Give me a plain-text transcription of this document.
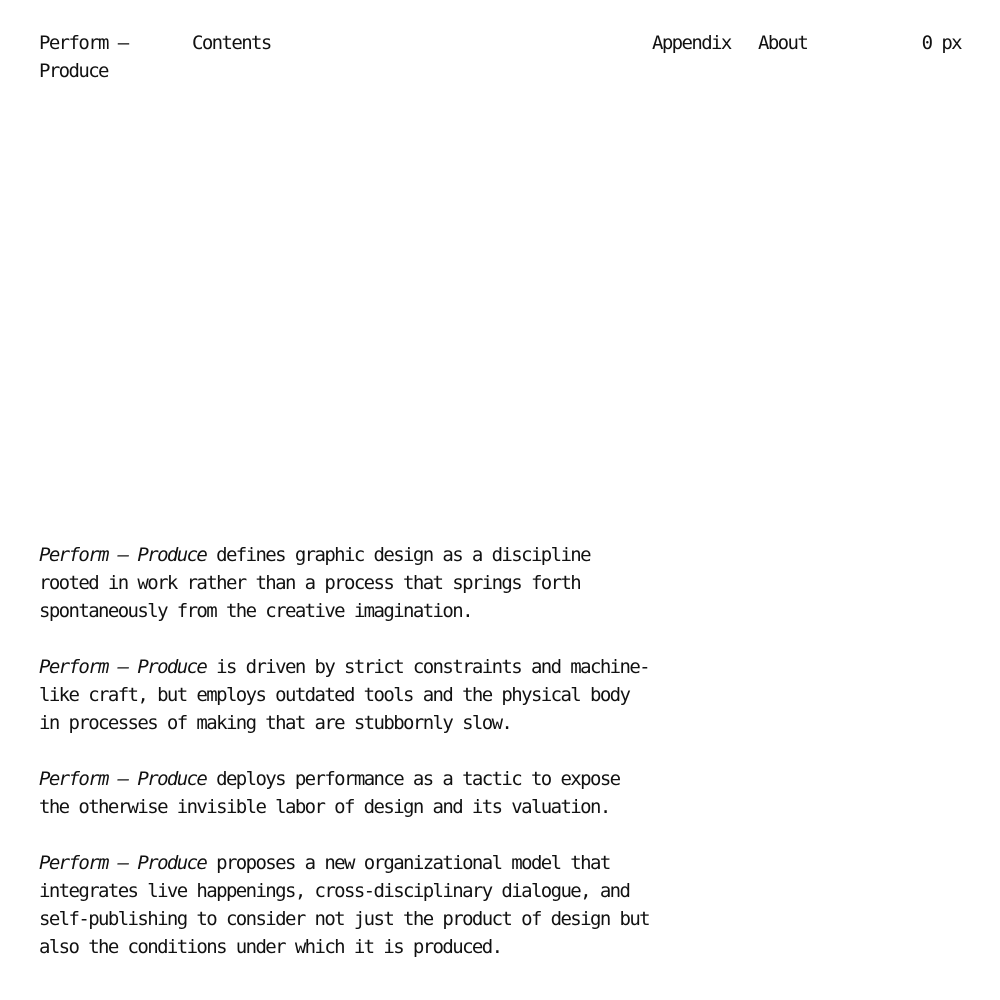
Perform –
Produce
Contents	Appendix About	0 px

Perform – Produce defines graphic design as a discipline rooted in work rather than a process that springs forth spontaneously from the creative imagination.

Perform – Produce is driven by strict constraints and machine-like craft, but employs outdated tools and the physical body in processes of making that are stubbornly slow.

Perform – Produce deploys performance as a tactic to expose the otherwise invisible labor of design and its valuation.

Perform – Produce proposes a new organizational model that integrates live happenings, cross-disciplinary dialogue, and self-publishing to consider not just the product of design but also the conditions under which it is produced.
